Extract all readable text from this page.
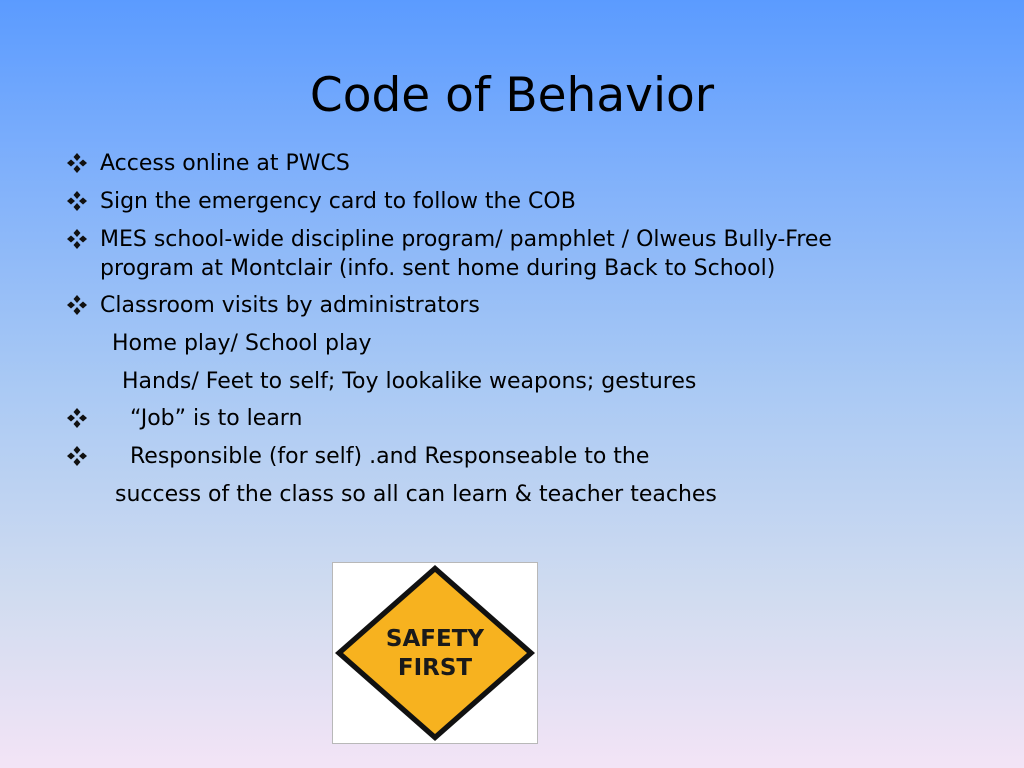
Code of Behavior
Access online at PWCS
Sign the emergency card to follow the COB
MES school-wide discipline program/ pamphlet / Olweus Bully-Free
program at Montclair (info. sent home during Back to School)
Classroom visits by administrators
Home play/ School play
Hands/ Feet to self; Toy lookalike weapons; gestures
“Job” is to learn
Responsible (for self) .and Responseable to the
success of the class so all can learn & teacher teaches
SAFETY
FIRST
